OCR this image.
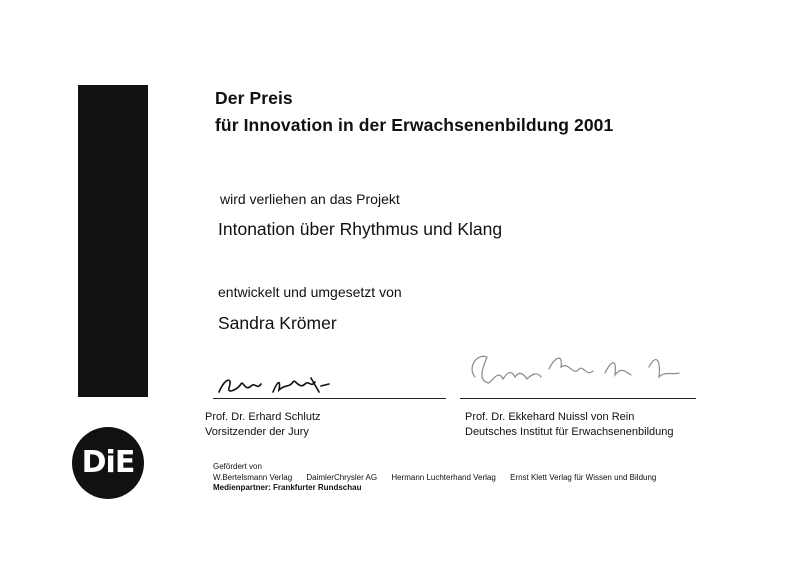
Der Preis
für Innovation in der Erwachsenenbildung 2001
wird verliehen an das Projekt
Intonation über Rhythmus und Klang
entwickelt und umgesetzt von
Sandra Krömer
Prof. Dr. Erhard Schlutz
Vorsitzender der Jury
Prof. Dr. Ekkehard Nuissl von Rein
Deutsches Institut für Erwachsenenbildung
DiE	Gefördert von
W.Bertelsmann Verlag DaimlerChrysler AG Hermann Luchterhand Verlag Ernst Klett Verlag für Wissen und Bildung
Medienpartner: Frankfurter Rundschau
